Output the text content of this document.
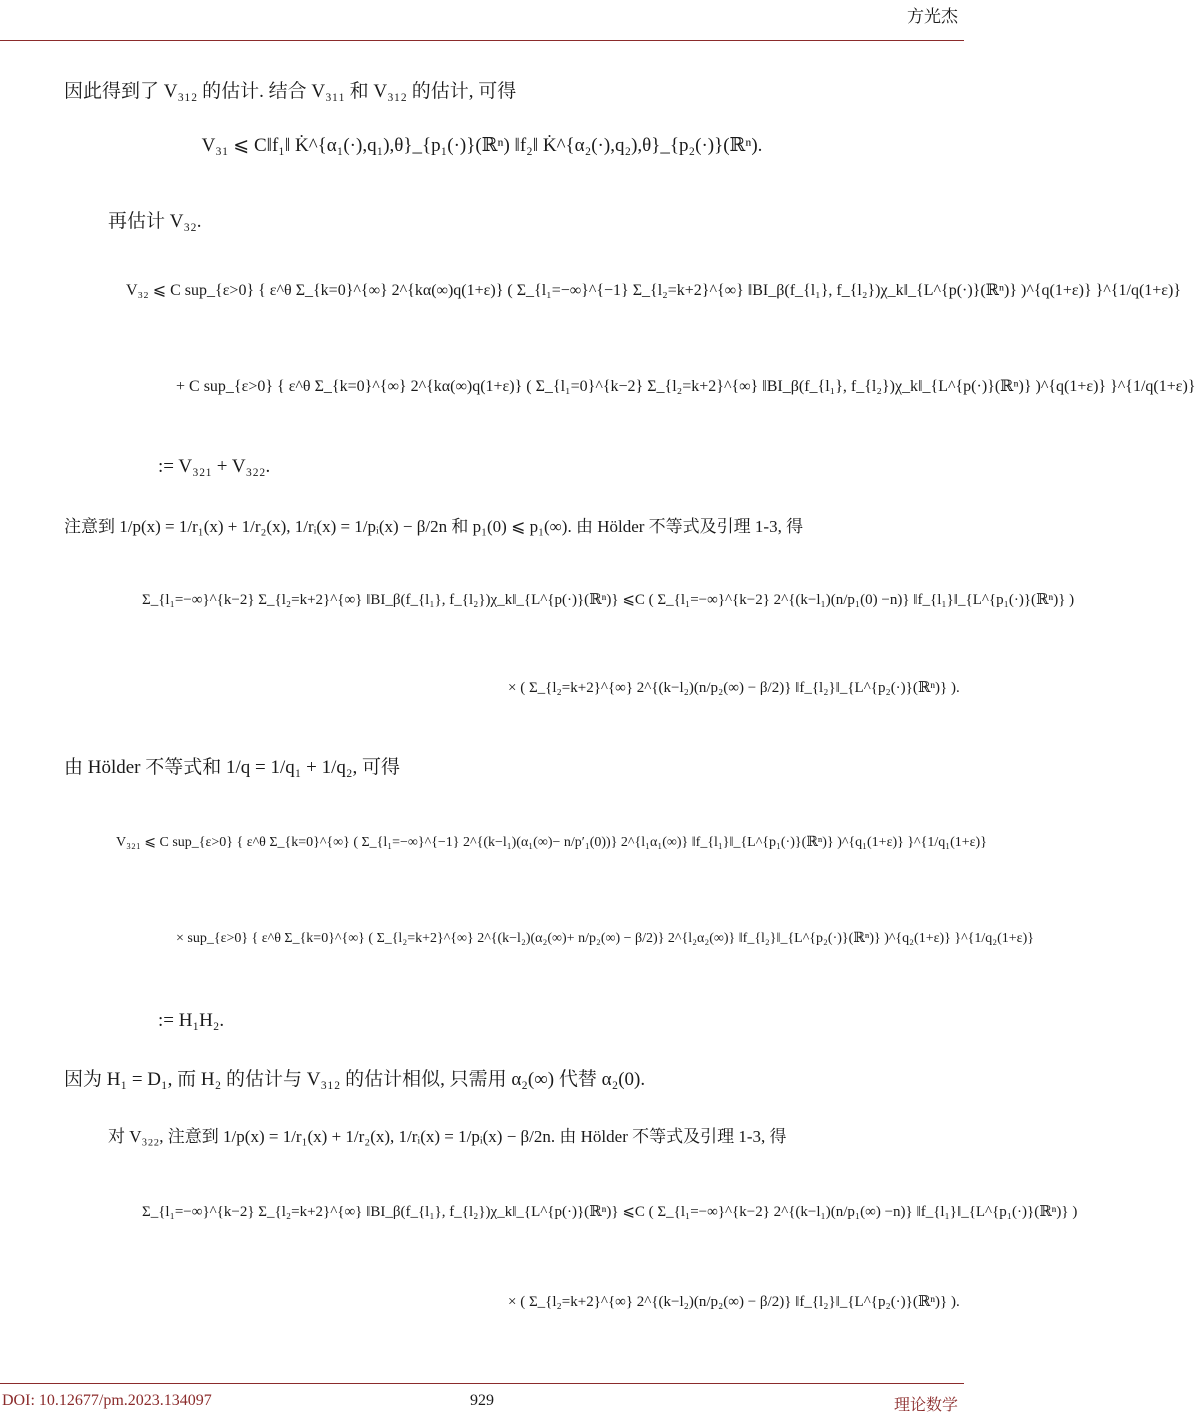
方光杰
因此得到了 V₃₁₂ 的估计. 结合 V₃₁₁ 和 V₃₁₂ 的估计, 可得
V₃₁ ⩽ C‖f₁‖ K̇^{α₁(·),q₁),θ}_{p₁(·)}(ℝⁿ) ‖f₂‖ K̇^{α₂(·),q₂),θ}_{p₂(·)}(ℝⁿ).
再估计 V₃₂.
V₃₂ ⩽ C sup_{ε>0} { ε^θ Σ_{k=0}^{∞} 2^{kα(∞)q(1+ε)} ( Σ_{l₁=−∞}^{−1} Σ_{l₂=k+2}^{∞} ‖BI_β(f_{l₁}, f_{l₂})χ_k‖_{L^{p(·)}(ℝⁿ)} )^{q(1+ε)} }^{1/q(1+ε)}
+ C sup_{ε>0} { ε^θ Σ_{k=0}^{∞} 2^{kα(∞)q(1+ε)} ( Σ_{l₁=0}^{k−2} Σ_{l₂=k+2}^{∞} ‖BI_β(f_{l₁}, f_{l₂})χ_k‖_{L^{p(·)}(ℝⁿ)} )^{q(1+ε)} }^{1/q(1+ε)}
:= V₃₂₁ + V₃₂₂.
注意到 1/p(x) = 1/r₁(x) + 1/r₂(x), 1/rᵢ(x) = 1/pᵢ(x) − β/2n 和 p₁(0) ⩽ p₁(∞). 由 Hölder 不等式及引理 1-3, 得
Σ_{l₁=−∞}^{k−2} Σ_{l₂=k+2}^{∞} ‖BI_β(f_{l₁}, f_{l₂})χ_k‖_{L^{p(·)}(ℝⁿ)} ⩽C ( Σ_{l₁=−∞}^{k−2} 2^{(k−l₁)(n/p₁(0) −n)} ‖f_{l₁}‖_{L^{p₁(·)}(ℝⁿ)} )
× ( Σ_{l₂=k+2}^{∞} 2^{(k−l₂)(n/p₂(∞) − β/2)} ‖f_{l₂}‖_{L^{p₂(·)}(ℝⁿ)} ).
由 Hölder 不等式和 1/q = 1/q₁ + 1/q₂, 可得
V₃₂₁ ⩽ C sup_{ε>0} { ε^θ Σ_{k=0}^{∞} ( Σ_{l₁=−∞}^{−1} 2^{(k−l₁)(α₁(∞)− n/p′₁(0))} 2^{l₁α₁(∞)} ‖f_{l₁}‖_{L^{p₁(·)}(ℝⁿ)} )^{q₁(1+ε)} }^{1/q₁(1+ε)}
× sup_{ε>0} { ε^θ Σ_{k=0}^{∞} ( Σ_{l₂=k+2}^{∞} 2^{(k−l₂)(α₂(∞)+ n/p₂(∞) − β/2)} 2^{l₂α₂(∞)} ‖f_{l₂}‖_{L^{p₂(·)}(ℝⁿ)} )^{q₂(1+ε)} }^{1/q₂(1+ε)}
:= H₁H₂.
因为 H₁ = D₁, 而 H₂ 的估计与 V₃₁₂ 的估计相似, 只需用 α₂(∞) 代替 α₂(0).
对 V₃₂₂, 注意到 1/p(x) = 1/r₁(x) + 1/r₂(x), 1/rᵢ(x) = 1/pᵢ(x) − β/2n. 由 Hölder 不等式及引理 1-3, 得
Σ_{l₁=−∞}^{k−2} Σ_{l₂=k+2}^{∞} ‖BI_β(f_{l₁}, f_{l₂})χ_k‖_{L^{p(·)}(ℝⁿ)} ⩽C ( Σ_{l₁=−∞}^{k−2} 2^{(k−l₁)(n/p₁(∞) −n)} ‖f_{l₁}‖_{L^{p₁(·)}(ℝⁿ)} )
× ( Σ_{l₂=k+2}^{∞} 2^{(k−l₂)(n/p₂(∞) − β/2)} ‖f_{l₂}‖_{L^{p₂(·)}(ℝⁿ)} ).
DOI: 10.12677/pm.2023.134097	929	理论数学
